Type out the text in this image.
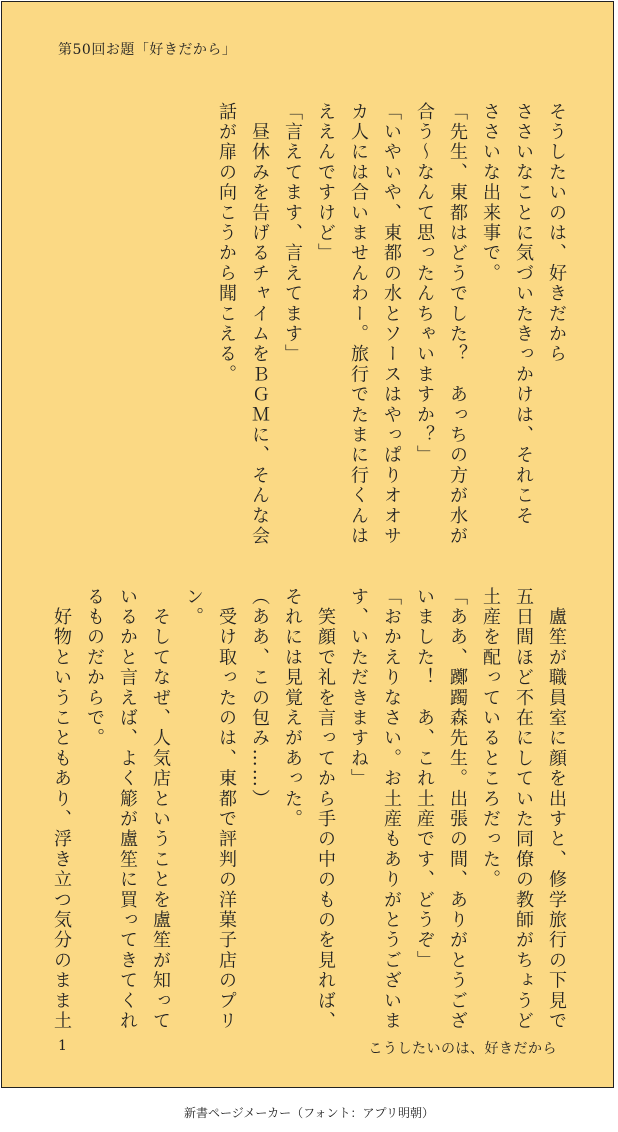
第50回お題「好きだから」
そうしたいのは、好きだから
ささいなことに気づいたきっかけは、それこそ
ささいな出来事で。
「先生、東都はどうでした？　あっちの方が水が
合う〜なんて思ったんちゃいますか？」
「いやいや、東都の水とソースはやっぱりオオサ
カ人には合いませんわー。旅行でたまに行くんは
ええんですけど」
「言えてます、言えてます」
　昼休みを告げるチャイムをＢＧＭに、そんな会
話が扉の向こうから聞こえる。
　盧笙が職員室に顔を出すと、修学旅行の下見で
五日間ほど不在にしていた同僚の教師がちょうど
土産を配っているところだった。
「ああ、躑躅森先生。出張の間、ありがとうござ
いました！　あ、これ土産です、どうぞ」
「おかえりなさい。お土産もありがとうございま
す、いただきますね」
　笑顔で礼を言ってから手の中のものを見れば、
それには見覚えがあった。
（ああ、この包み……）
　受け取ったのは、東都で評判の洋菓子店のプリ
ン。
　そしてなぜ、人気店ということを盧笙が知って
いるかと言えば、よく簓が盧笙に買ってきてくれ
るものだからで。
　好物ということもあり、浮き立つ気分のまま土
1	こうしたいのは、好きだから
新書ページメーカー（フォント：アプリ明朝）
